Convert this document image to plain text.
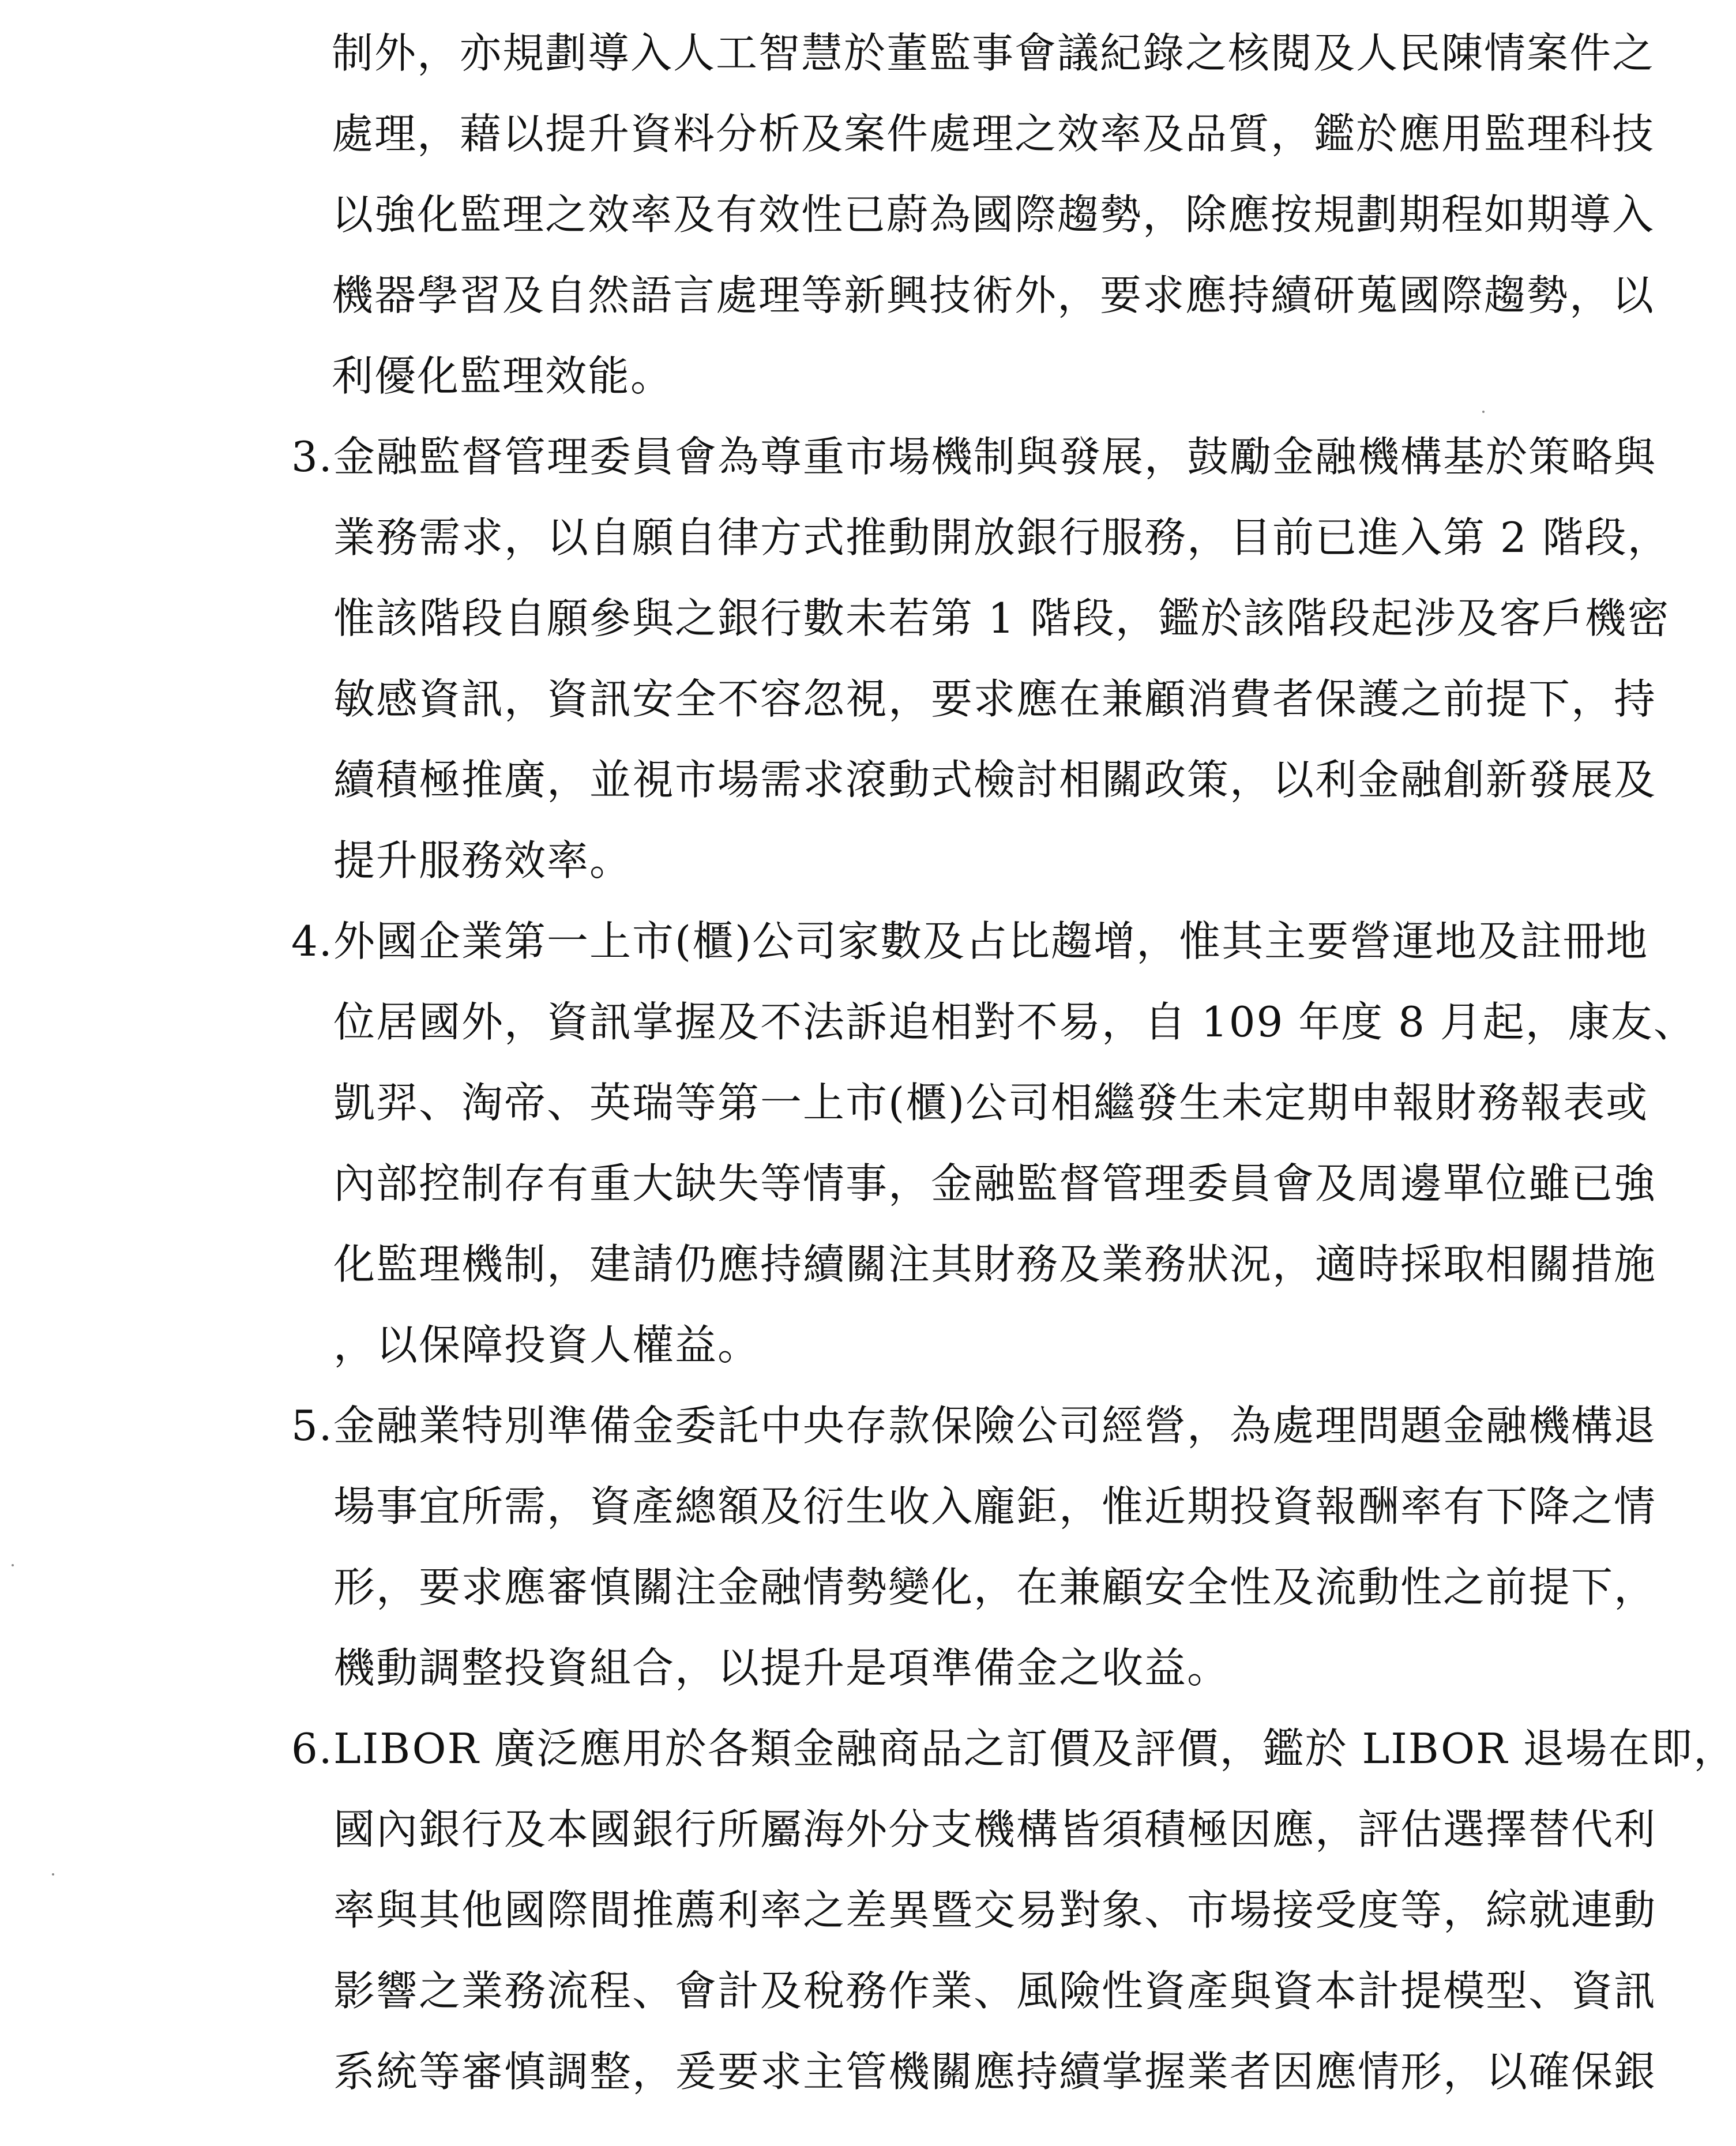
制外，亦規劃導入人工智慧於董監事會議紀錄之核閱及人民陳情案件之
處理，藉以提升資料分析及案件處理之效率及品質，鑑於應用監理科技
以強化監理之效率及有效性已蔚為國際趨勢，除應按規劃期程如期導入
機器學習及自然語言處理等新興技術外，要求應持續研蒐國際趨勢，以
利優化監理效能。
3. 金融監督管理委員會為尊重市場機制與發展，鼓勵金融機構基於策略與
業務需求，以自願自律方式推動開放銀行服務，目前已進入第 2 階段，
惟該階段自願參與之銀行數未若第 1 階段，鑑於該階段起涉及客戶機密
敏感資訊，資訊安全不容忽視，要求應在兼顧消費者保護之前提下，持
續積極推廣，並視市場需求滾動式檢討相關政策，以利金融創新發展及
提升服務效率。
4. 外國企業第一上市(櫃)公司家數及占比趨增，惟其主要營運地及註冊地
位居國外，資訊掌握及不法訴追相對不易，自 109 年度 8 月起，康友、
凱羿、淘帝、英瑞等第一上市(櫃)公司相繼發生未定期申報財務報表或
內部控制存有重大缺失等情事，金融監督管理委員會及周邊單位雖已強
化監理機制，建請仍應持續關注其財務及業務狀況，適時採取相關措施
，以保障投資人權益。
5. 金融業特別準備金委託中央存款保險公司經營，為處理問題金融機構退
場事宜所需，資產總額及衍生收入龐鉅，惟近期投資報酬率有下降之情
形，要求應審慎關注金融情勢變化，在兼顧安全性及流動性之前提下，
機動調整投資組合，以提升是項準備金之收益。
6. LIBOR 廣泛應用於各類金融商品之訂價及評價，鑑於 LIBOR 退場在即，
國內銀行及本國銀行所屬海外分支機構皆須積極因應，評估選擇替代利
率與其他國際間推薦利率之差異暨交易對象、市場接受度等，綜就連動
影響之業務流程、會計及稅務作業、風險性資產與資本計提模型、資訊
系統等審慎調整，爰要求主管機關應持續掌握業者因應情形，以確保銀
